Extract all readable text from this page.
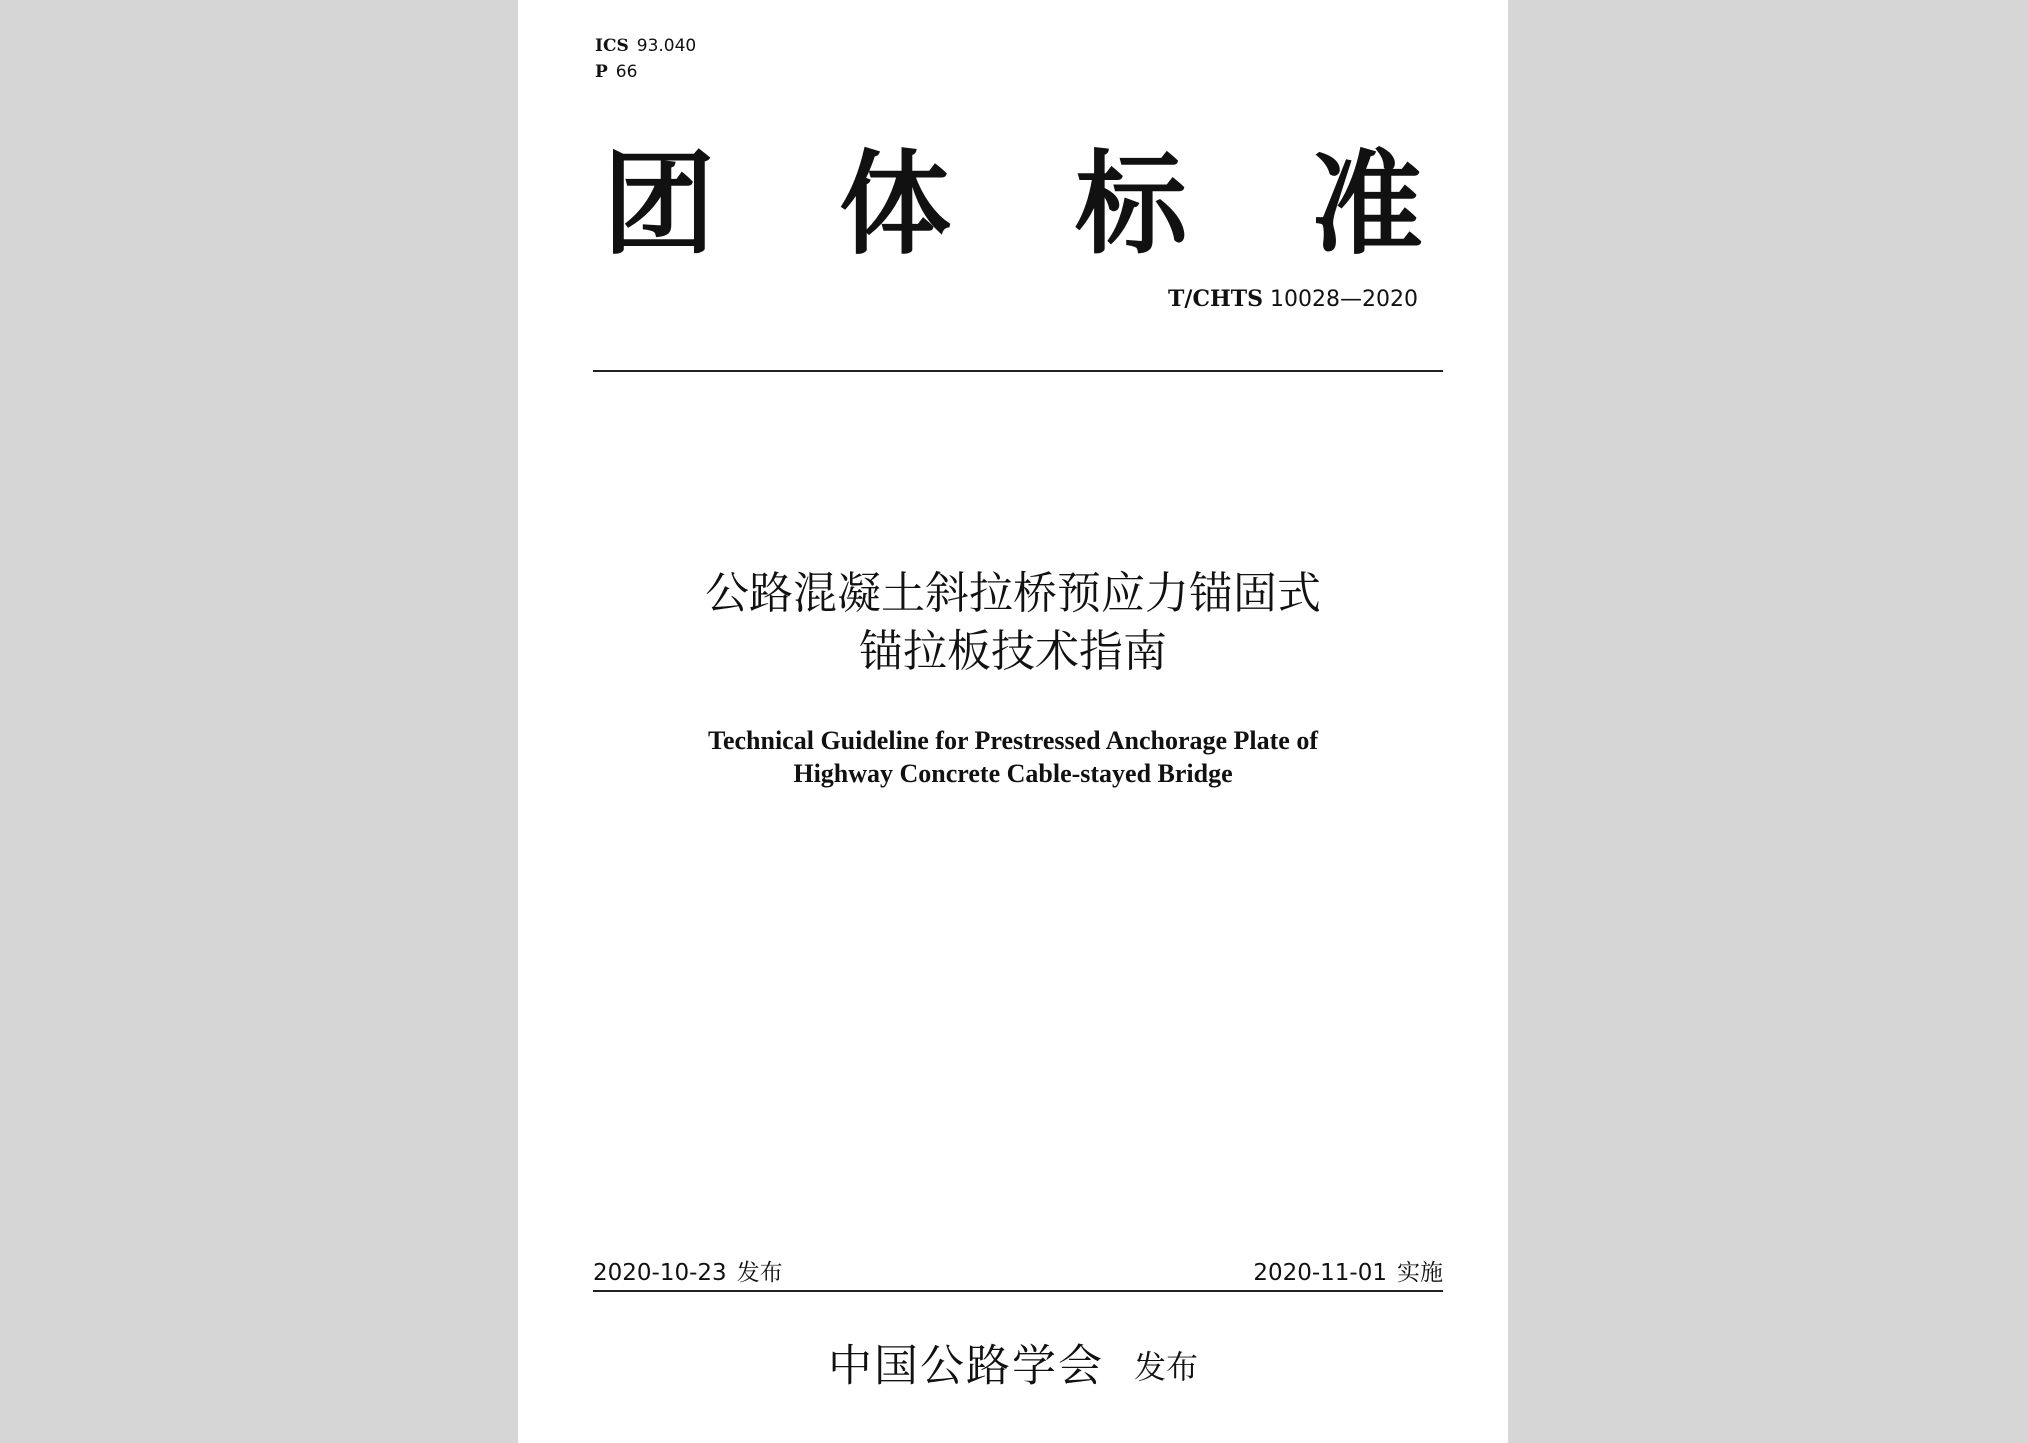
ICS 93.040
P 66
团 体 标 准
T/CHTS 10028—2020
公路混凝土斜拉桥预应力锚固式
锚拉板技术指南
Technical Guideline for Prestressed Anchorage Plate of
Highway Concrete Cable-stayed Bridge
2020-10-23 发布	2020-11-01 实施
中国公路学会 发布
